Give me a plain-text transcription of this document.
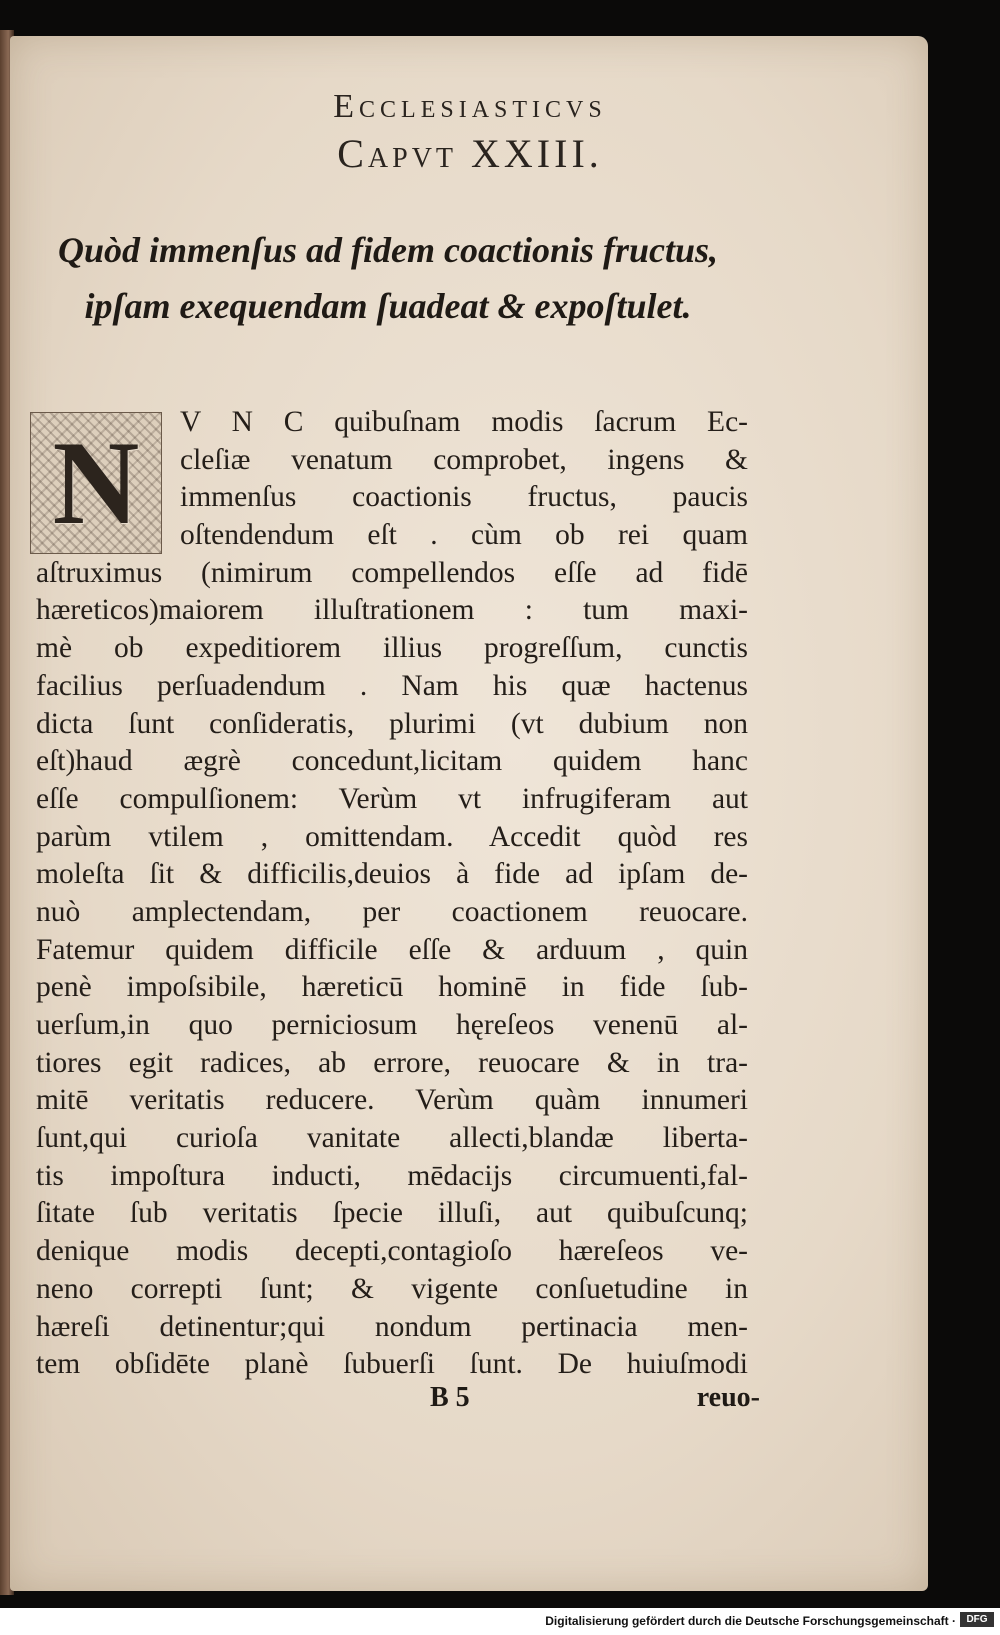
Ecclesiasticvs
Capvt XXIII.
Quòd immenſus ad fidem coactionis fructus, ipſam exequendam ſuadeat & expoſtulet.
V N C quibuſnam modis ſacrum Ec-
cleſiæ venatum comprobet, ingens &
immenſus coactionis fructus, paucis
oſtendendum eſt . cùm ob rei quam
aſtruximus (nimirum compellendos eſſe ad fidē
hæreticos)maiorem illuſtrationem : tum maxi-
mè ob expeditiorem illius progreſſum, cunctis
facilius perſuadendum . Nam his quæ hactenus
dicta ſunt conſideratis, plurimi (vt dubium non
eſt)haud ægrè concedunt,licitam quidem hanc
eſſe compulſionem: Verùm vt infrugiferam aut
parùm vtilem , omittendam. Accedit quòd res
moleſta ſit & difficilis,deuios à fide ad ipſam de-
nuò amplectendam, per coactionem reuocare.
Fatemur quidem difficile eſſe & arduum , quin
penè impoſsibile, hæreticū hominē in fide ſub-
uerſum,in quo perniciosum hęreſeos venenū al-
tiores egit radices, ab errore, reuocare & in tra-
mitē veritatis reducere. Verùm quàm innumeri
ſunt,qui curioſa vanitate allecti,blandæ liberta-
tis impoſtura inducti, mēdacijs circumuenti,fal-
ſitate ſub veritatis ſpecie illuſi, aut quibuſcunq;
denique modis decepti,contagioſo hæreſeos ve-
neno correpti ſunt; & vigente conſuetudine in
hæreſi detinentur;qui nondum pertinacia men-
tem obſidēte planè ſubuerſi ſunt. De huiuſmodi
N
B 5	reuo-
Digitalisierung gefördert durch die Deutsche Forschungsgemeinschaft ·	DFG
